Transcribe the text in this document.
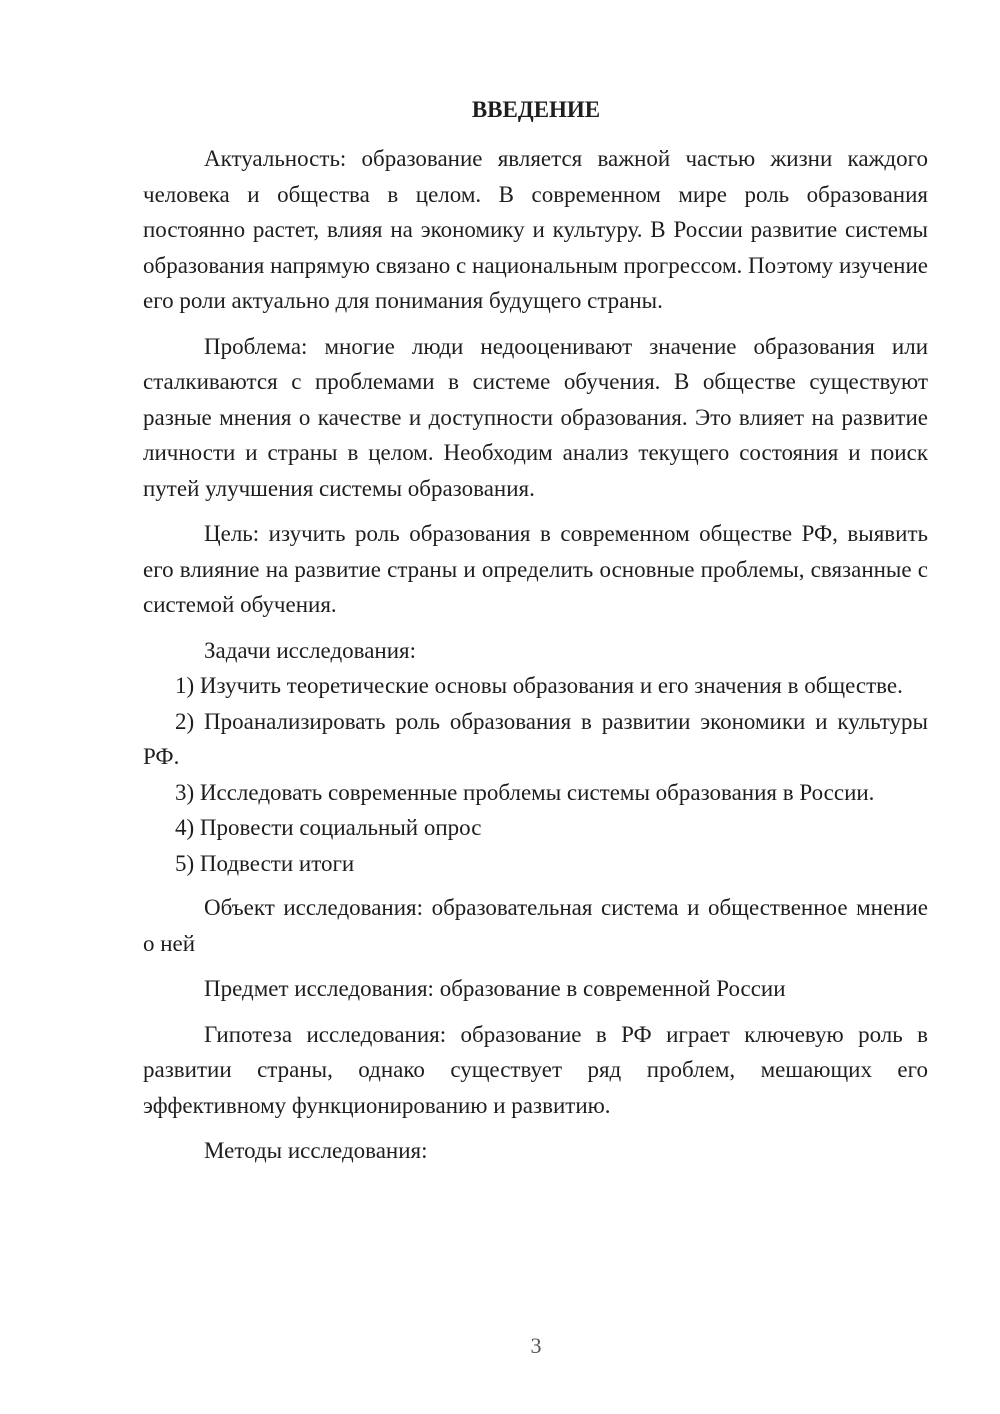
ВВЕДЕНИЕ

Актуальность: образование является важной частью жизни каждого человека и общества в целом. В современном мире роль образования постоянно растет, влияя на экономику и культуру. В России развитие системы образования напрямую связано с национальным прогрессом. Поэтому изучение его роли актуально для понимания будущего страны.

Проблема: многие люди недооценивают значение образования или сталкиваются с проблемами в системе обучения. В обществе существуют разные мнения о качестве и доступности образования. Это влияет на развитие личности и страны в целом. Необходим анализ текущего состояния и поиск путей улучшения системы образования.

Цель: изучить роль образования в современном обществе РФ, выявить его влияние на развитие страны и определить основные проблемы, связанные с системой обучения.

Задачи исследования:

1) Изучить теоретические основы образования и его значения в обществе.

2) Проанализировать роль образования в развитии экономики и культуры РФ.

3) Исследовать современные проблемы системы образования в России.

4) Провести социальный опрос

5) Подвести итоги

Объект исследования: образовательная система и общественное мнение о ней

Предмет исследования: образование в современной России

Гипотеза исследования: образование в РФ играет ключевую роль в развитии страны, однако существует ряд проблем, мешающих его эффективному функционированию и развитию.

Методы исследования:

3
